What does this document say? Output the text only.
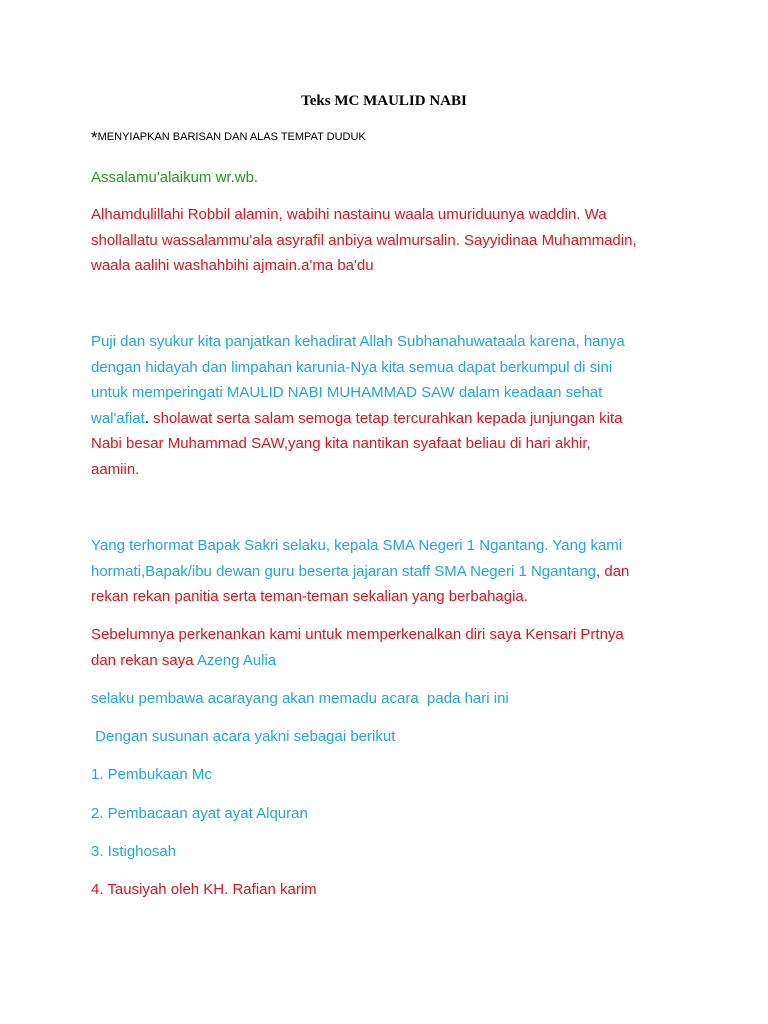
Teks MC MAULID NABI
*MENYIAPKAN BARISAN DAN ALAS TEMPAT DUDUK
Assalamu'alaikum wr.wb.
Alhamdulillahi Robbil alamin, wabihi nastainu waala umuriduunya waddin. Wa
shollallatu wassalammu'ala asyrafil anbiya walmursalin. Sayyidinaa Muhammadin,
waala aalihi washahbihi ajmain.a'ma ba'du
Puji dan syukur kita panjatkan kehadirat Allah Subhanahuwataala karena, hanya
dengan hidayah dan limpahan karunia-Nya kita semua dapat berkumpul di sini
untuk memperingati MAULID NABI MUHAMMAD SAW dalam keadaan sehat
wal'afiat. sholawat serta salam semoga tetap tercurahkan kepada junjungan kita
Nabi besar Muhammad SAW,yang kita nantikan syafaat beliau di hari akhir,
aamiin.
Yang terhormat Bapak Sakri selaku, kepala SMA Negeri 1 Ngantang. Yang kami
hormati,Bapak/ibu dewan guru beserta jajaran staff SMA Negeri 1 Ngantang, dan
rekan rekan panitia serta teman-teman sekalian yang berbahagia.
Sebelumnya perkenankan kami untuk memperkenalkan diri saya Kensari Prtnya
dan rekan saya Azeng Aulia
selaku pembawa acarayang akan memadu acara  pada hari ini
Dengan susunan acara yakni sebagai berikut
1. Pembukaan Mc
2. Pembacaan ayat ayat Alquran
3. Istighosah
4. Tausiyah oleh KH. Rafian karim
